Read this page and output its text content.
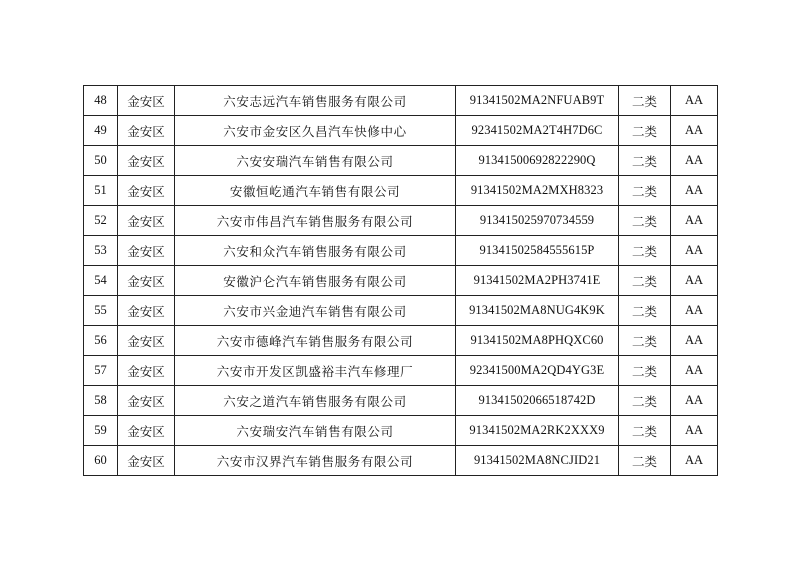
48	金安区	六安志远汽车销售服务有限公司	91341502MA2NFUAB9T	二类	AA
49	金安区	六安市金安区久昌汽车快修中心	92341502MA2T4H7D6C	二类	AA
50	金安区	六安安瑞汽车销售有限公司	91341500692822290Q	二类	AA
51	金安区	安徽恒屹通汽车销售有限公司	91341502MA2MXH8323	二类	AA
52	金安区	六安市伟昌汽车销售服务有限公司	913415025970734559	二类	AA
53	金安区	六安和众汽车销售服务有限公司	91341502584555615P	二类	AA
54	金安区	安徽沪仑汽车销售服务有限公司	91341502MA2PH3741E	二类	AA
55	金安区	六安市兴金迪汽车销售有限公司	91341502MA8NUG4K9K	二类	AA
56	金安区	六安市德峰汽车销售服务有限公司	91341502MA8PHQXC60	二类	AA
57	金安区	六安市开发区凯盛裕丰汽车修理厂	92341500MA2QD4YG3E	二类	AA
58	金安区	六安之道汽车销售服务有限公司	91341502066518742D	二类	AA
59	金安区	六安瑞安汽车销售有限公司	91341502MA2RK2XXX9	二类	AA
60	金安区	六安市汉界汽车销售服务有限公司	91341502MA8NCJID21	二类	AA
